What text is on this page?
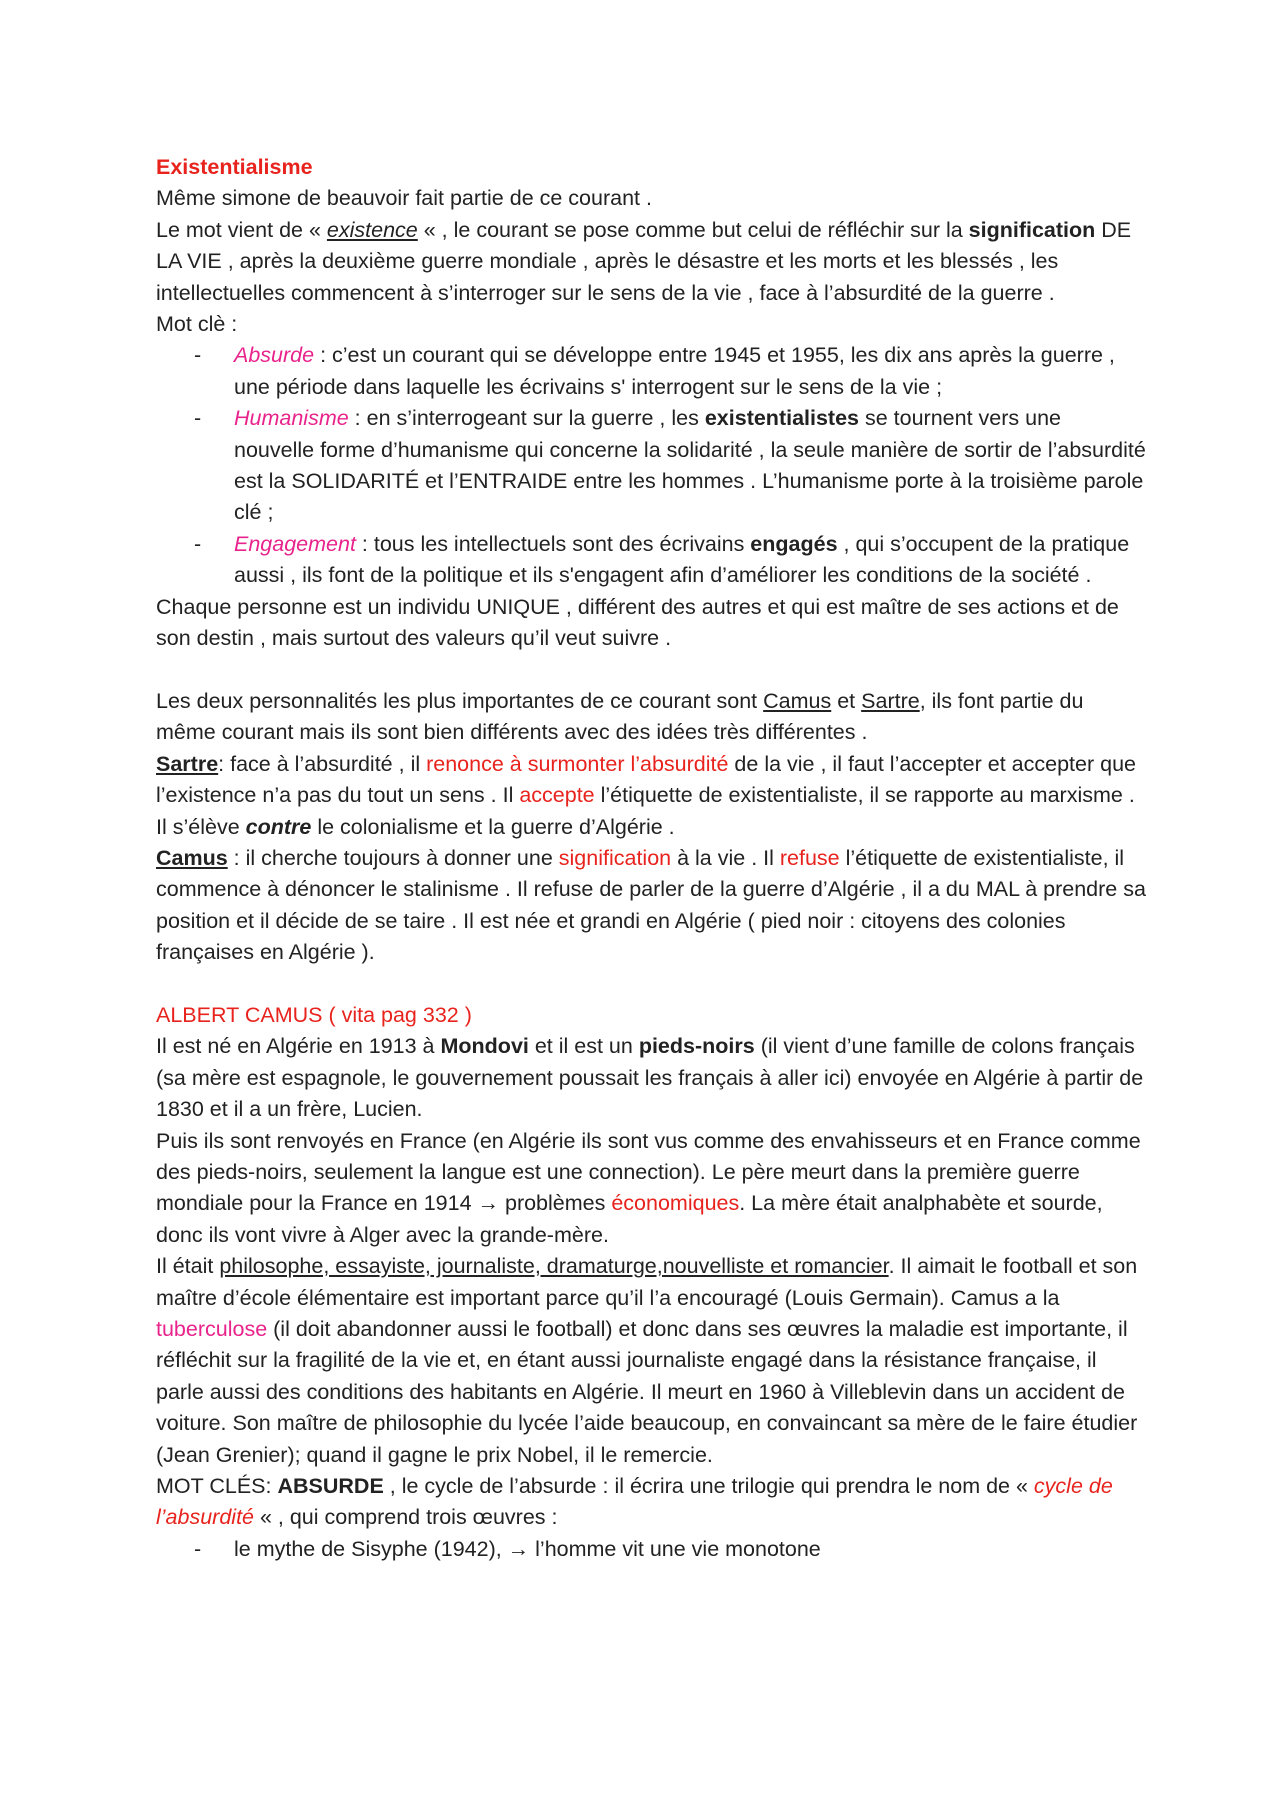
Existentialisme

Même simone de beauvoir fait partie de ce courant .

Le mot vient de « existence « , le courant se pose comme but celui de réfléchir sur la signification DE LA VIE , après la deuxième guerre mondiale , après le désastre et les morts et les blessés , les intellectuelles commencent à s’interroger sur le sens de la vie , face à l’absurdité de la guerre .

Mot clè :

- Absurde : c’est un courant qui se développe entre 1945 et 1955, les dix ans après la guerre , une période dans laquelle les écrivains s' interrogent sur le sens de la vie ;
- Humanisme : en s’interrogeant sur la guerre , les existentialistes se tournent vers une nouvelle forme d’humanisme qui concerne la solidarité , la seule manière de sortir de l’absurdité est la SOLIDARITÉ et l’ENTRAIDE entre les hommes . L’humanisme porte à la troisième parole clé ;
- Engagement : tous les intellectuels sont des écrivains engagés , qui s’occupent de la pratique aussi , ils font de la politique et ils s'engagent afin d’améliorer les conditions de la société .

Chaque personne est un individu UNIQUE , différent des autres et qui est maître de ses actions et de son destin , mais surtout des valeurs qu’il veut suivre .

Les deux personnalités les plus importantes de ce courant sont Camus et Sartre, ils font partie du même courant mais ils sont bien différents avec des idées très différentes .

Sartre: face à l’absurdité , il renonce à surmonter l’absurdité de la vie , il faut l’accepter et accepter que l’existence n’a pas du tout un sens . Il accepte l’étiquette de existentialiste, il se rapporte au marxisme . Il s’élève contre le colonialisme et la guerre d’Algérie .

Camus : il cherche toujours à donner une signification à la vie . Il refuse l’étiquette de existentialiste, il commence à dénoncer le stalinisme . Il refuse de parler de la guerre d’Algérie , il a du MAL à prendre sa position et il décide de se taire . Il est née et grandi en Algérie ( pied noir : citoyens des colonies françaises en Algérie ).

ALBERT CAMUS ( vita pag 332 )

Il est né en Algérie en 1913 à Mondovi et il est un pieds-noirs (il vient d’une famille de colons français (sa mère est espagnole, le gouvernement poussait les français à aller ici) envoyée en Algérie à partir de 1830 et il a un frère, Lucien.

Puis ils sont renvoyés en France (en Algérie ils sont vus comme des envahisseurs et en France comme des pieds-noirs, seulement la langue est une connection). Le père meurt dans la première guerre mondiale pour la France en 1914 → problèmes économiques. La mère était analphabète et sourde, donc ils vont vivre à Alger avec la grande-mère.

Il était philosophe, essayiste, journaliste, dramaturge,nouvelliste et romancier. Il aimait le football et son maître d’école élémentaire est important parce qu’il l’a encouragé (Louis Germain). Camus a la tuberculose (il doit abandonner aussi le football) et donc dans ses œuvres la maladie est importante, il réfléchit sur la fragilité de la vie et, en étant aussi journaliste engagé dans la résistance française, il parle aussi des conditions des habitants en Algérie. Il meurt en 1960 à Villeblevin dans un accident de voiture. Son maître de philosophie du lycée l’aide beaucoup, en convaincant sa mère de le faire étudier (Jean Grenier); quand il gagne le prix Nobel, il le remercie.

MOT CLÉS: ABSURDE , le cycle de l’absurde : il écrira une trilogie qui prendra le nom de « cycle de l’absurdité « , qui comprend trois œuvres :

- le mythe de Sisyphe (1942), → l’homme vit une vie monotone
